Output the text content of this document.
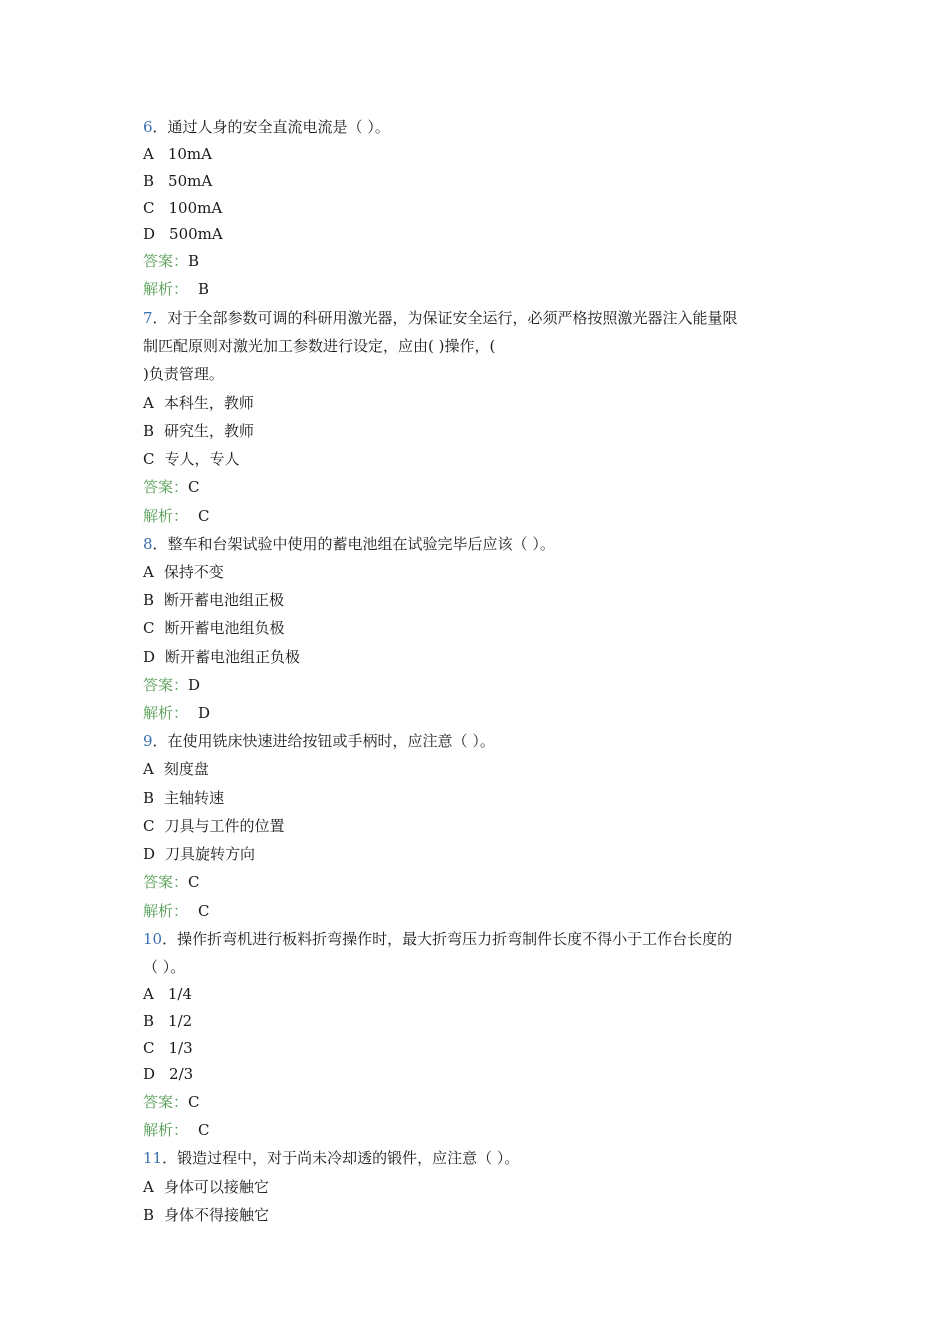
6．通过人身的安全直流电流是（ ）。
A 10mA
B 50mA
C 100mA
D 500mA
答案：B
解析： B
7．对于全部参数可调的科研用激光器，为保证安全运行，必须严格按照激光器注入能量限
制匹配原则对激光加工参数进行设定，应由( )操作，(
)负责管理。
A 本科生，教师
B 研究生，教师
C 专人，专人
答案：C
解析： C
8．整车和台架试验中使用的蓄电池组在试验完毕后应该（ ）。
A 保持不变
B 断开蓄电池组正极
C 断开蓄电池组负极
D 断开蓄电池组正负极
答案：D
解析： D
9．在使用铣床快速进给按钮或手柄时，应注意（ ）。
A 刻度盘
B 主轴转速
C 刀具与工件的位置
D 刀具旋转方向
答案：C
解析： C
10．操作折弯机进行板料折弯操作时，最大折弯压力折弯制件长度不得小于工作台长度的
（ ）。
A 1/4
B 1/2
C 1/3
D 2/3
答案：C
解析： C
11．锻造过程中，对于尚未冷却透的锻件，应注意（ ）。
A 身体可以接触它
B 身体不得接触它
